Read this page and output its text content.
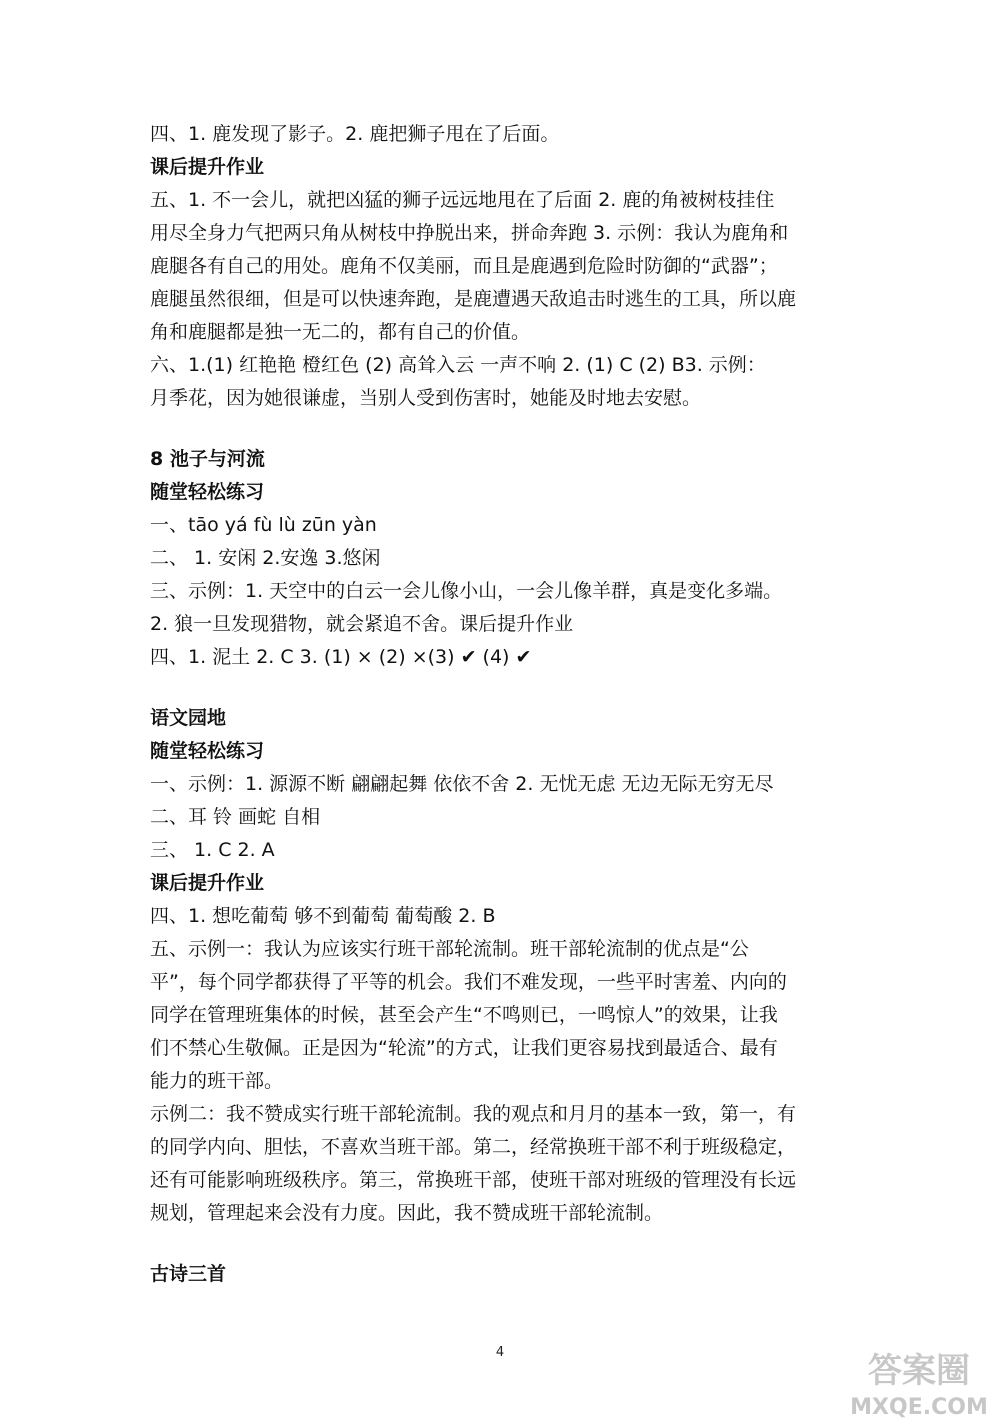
四、1. 鹿发现了影子。2. 鹿把狮子甩在了后面。
课后提升作业
五、1. 不一会儿，就把凶猛的狮子远远地甩在了后面 2. 鹿的角被树枝挂住
用尽全身力气把两只角从树枝中挣脱出来，拼命奔跑 3. 示例：我认为鹿角和
鹿腿各有自己的用处。鹿角不仅美丽，而且是鹿遇到危险时防御的“武器”；
鹿腿虽然很细，但是可以快速奔跑，是鹿遭遇天敌追击时逃生的工具，所以鹿
角和鹿腿都是独一无二的，都有自己的价值。
六、1.(1) 红艳艳 橙红色 (2) 高耸入云 一声不响 2. (1) C (2) B3. 示例：
月季花，因为她很谦虚，当别人受到伤害时，她能及时地去安慰。
8 池子与河流
随堂轻松练习
一、tāo yá fù lù zūn yàn
二、 1. 安闲 2.安逸 3.悠闲
三、示例：1. 天空中的白云一会儿像小山，一会儿像羊群，真是变化多端。
2. 狼一旦发现猎物，就会紧追不舍。课后提升作业
四、1. 泥土 2. C 3. (1) × (2) ×(3) ✔ (4) ✔
语文园地
随堂轻松练习
一、示例：1. 源源不断 翩翩起舞 依依不舍 2. 无忧无虑 无边无际无穷无尽
二、耳 铃 画蛇 自相
三、 1. C 2. A
课后提升作业
四、1. 想吃葡萄 够不到葡萄 葡萄酸 2. B
五、示例一：我认为应该实行班干部轮流制。班干部轮流制的优点是“公
平”，每个同学都获得了平等的机会。我们不难发现，一些平时害羞、内向的
同学在管理班集体的时候，甚至会产生“不鸣则已，一鸣惊人”的效果，让我
们不禁心生敬佩。正是因为“轮流”的方式，让我们更容易找到最适合、最有
能力的班干部。
示例二：我不赞成实行班干部轮流制。我的观点和月月的基本一致，第一，有
的同学内向、胆怯，不喜欢当班干部。第二，经常换班干部不利于班级稳定，
还有可能影响班级秩序。第三，常换班干部，使班干部对班级的管理没有长远
规划，管理起来会没有力度。因此，我不赞成班干部轮流制。
古诗三首
4	答案圈
MXQE.COM
